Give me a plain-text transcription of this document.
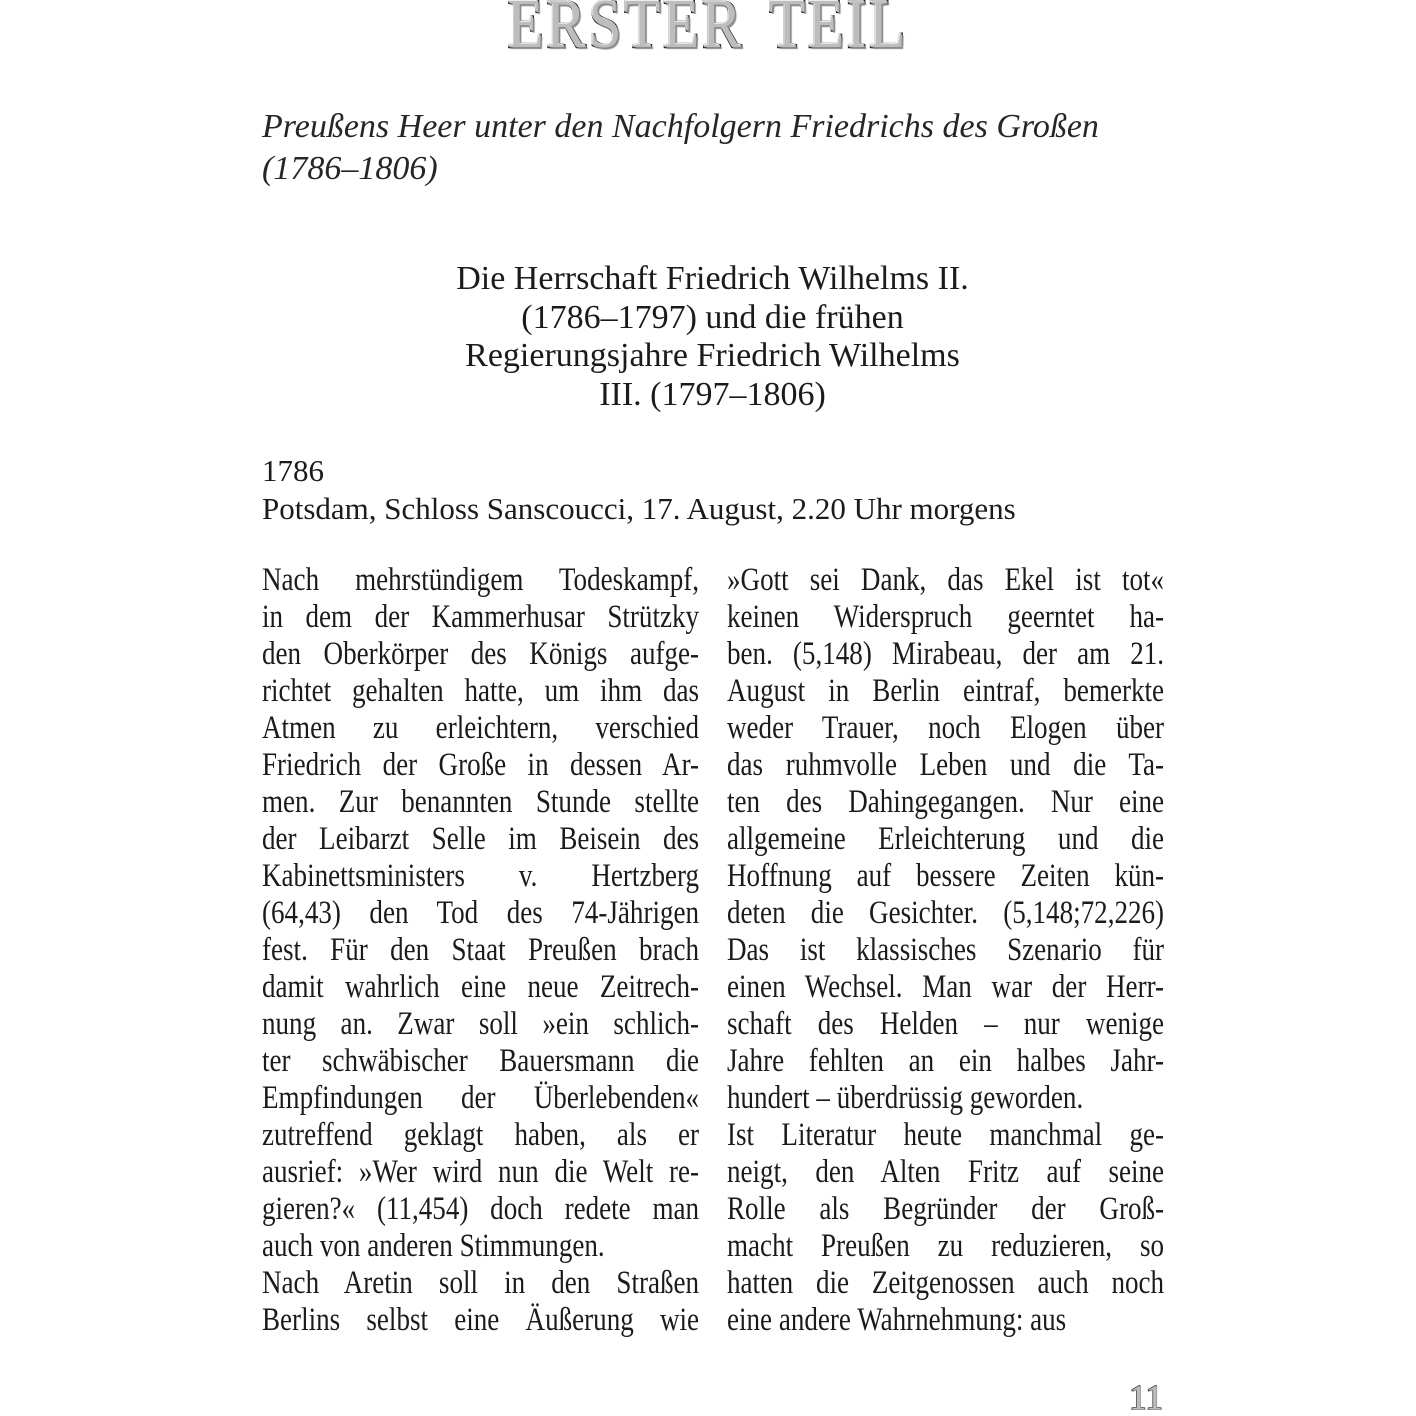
ERSTER TEIL
Preußens Heer unter den Nachfolgern Friedrichs des Großen
(1786–1806)
Die Herrschaft Friedrich Wilhelms II.
(1786–1797) und die frühen
Regierungsjahre Friedrich Wilhelms
III. (1797–1806)
1786
Potsdam, Schloss Sanscoucci, 17. August, 2.20 Uhr morgens
Nach mehrstündigem Todeskampf,
in dem der Kammerhusar Strützky
den Oberkörper des Königs aufge-
richtet gehalten hatte, um ihm das
Atmen zu erleichtern, verschied
Friedrich der Große in dessen Ar-
men. Zur benannten Stunde stellte
der Leibarzt Selle im Beisein des
Kabinettsministers v. Hertzberg
(64,43) den Tod des 74-Jährigen
fest. Für den Staat Preußen brach
damit wahrlich eine neue Zeitrech-
nung an. Zwar soll »ein schlich-
ter schwäbischer Bauersmann die
Empfindungen der Überlebenden«
zutreffend geklagt haben, als er
ausrief: »Wer wird nun die Welt re-
gieren?« (11,454) doch redete man
auch von anderen Stimmungen.
Nach Aretin soll in den Straßen
Berlins selbst eine Äußerung wie
»Gott sei Dank, das Ekel ist tot«
keinen Widerspruch geerntet ha-
ben. (5,148) Mirabeau, der am 21.
August in Berlin eintraf, bemerkte
weder Trauer, noch Elogen über
das ruhmvolle Leben und die Ta-
ten des Dahingegangen. Nur eine
allgemeine Erleichterung und die
Hoffnung auf bessere Zeiten kün-
deten die Gesichter. (5,148;72,226)
Das ist klassisches Szenario für
einen Wechsel. Man war der Herr-
schaft des Helden – nur wenige
Jahre fehlten an ein halbes Jahr-
hundert – überdrüssig geworden.
Ist Literatur heute manchmal ge-
neigt, den Alten Fritz auf seine
Rolle als Begründer der Groß-
macht Preußen zu reduzieren, so
hatten die Zeitgenossen auch noch
eine andere Wahrnehmung: aus
11
